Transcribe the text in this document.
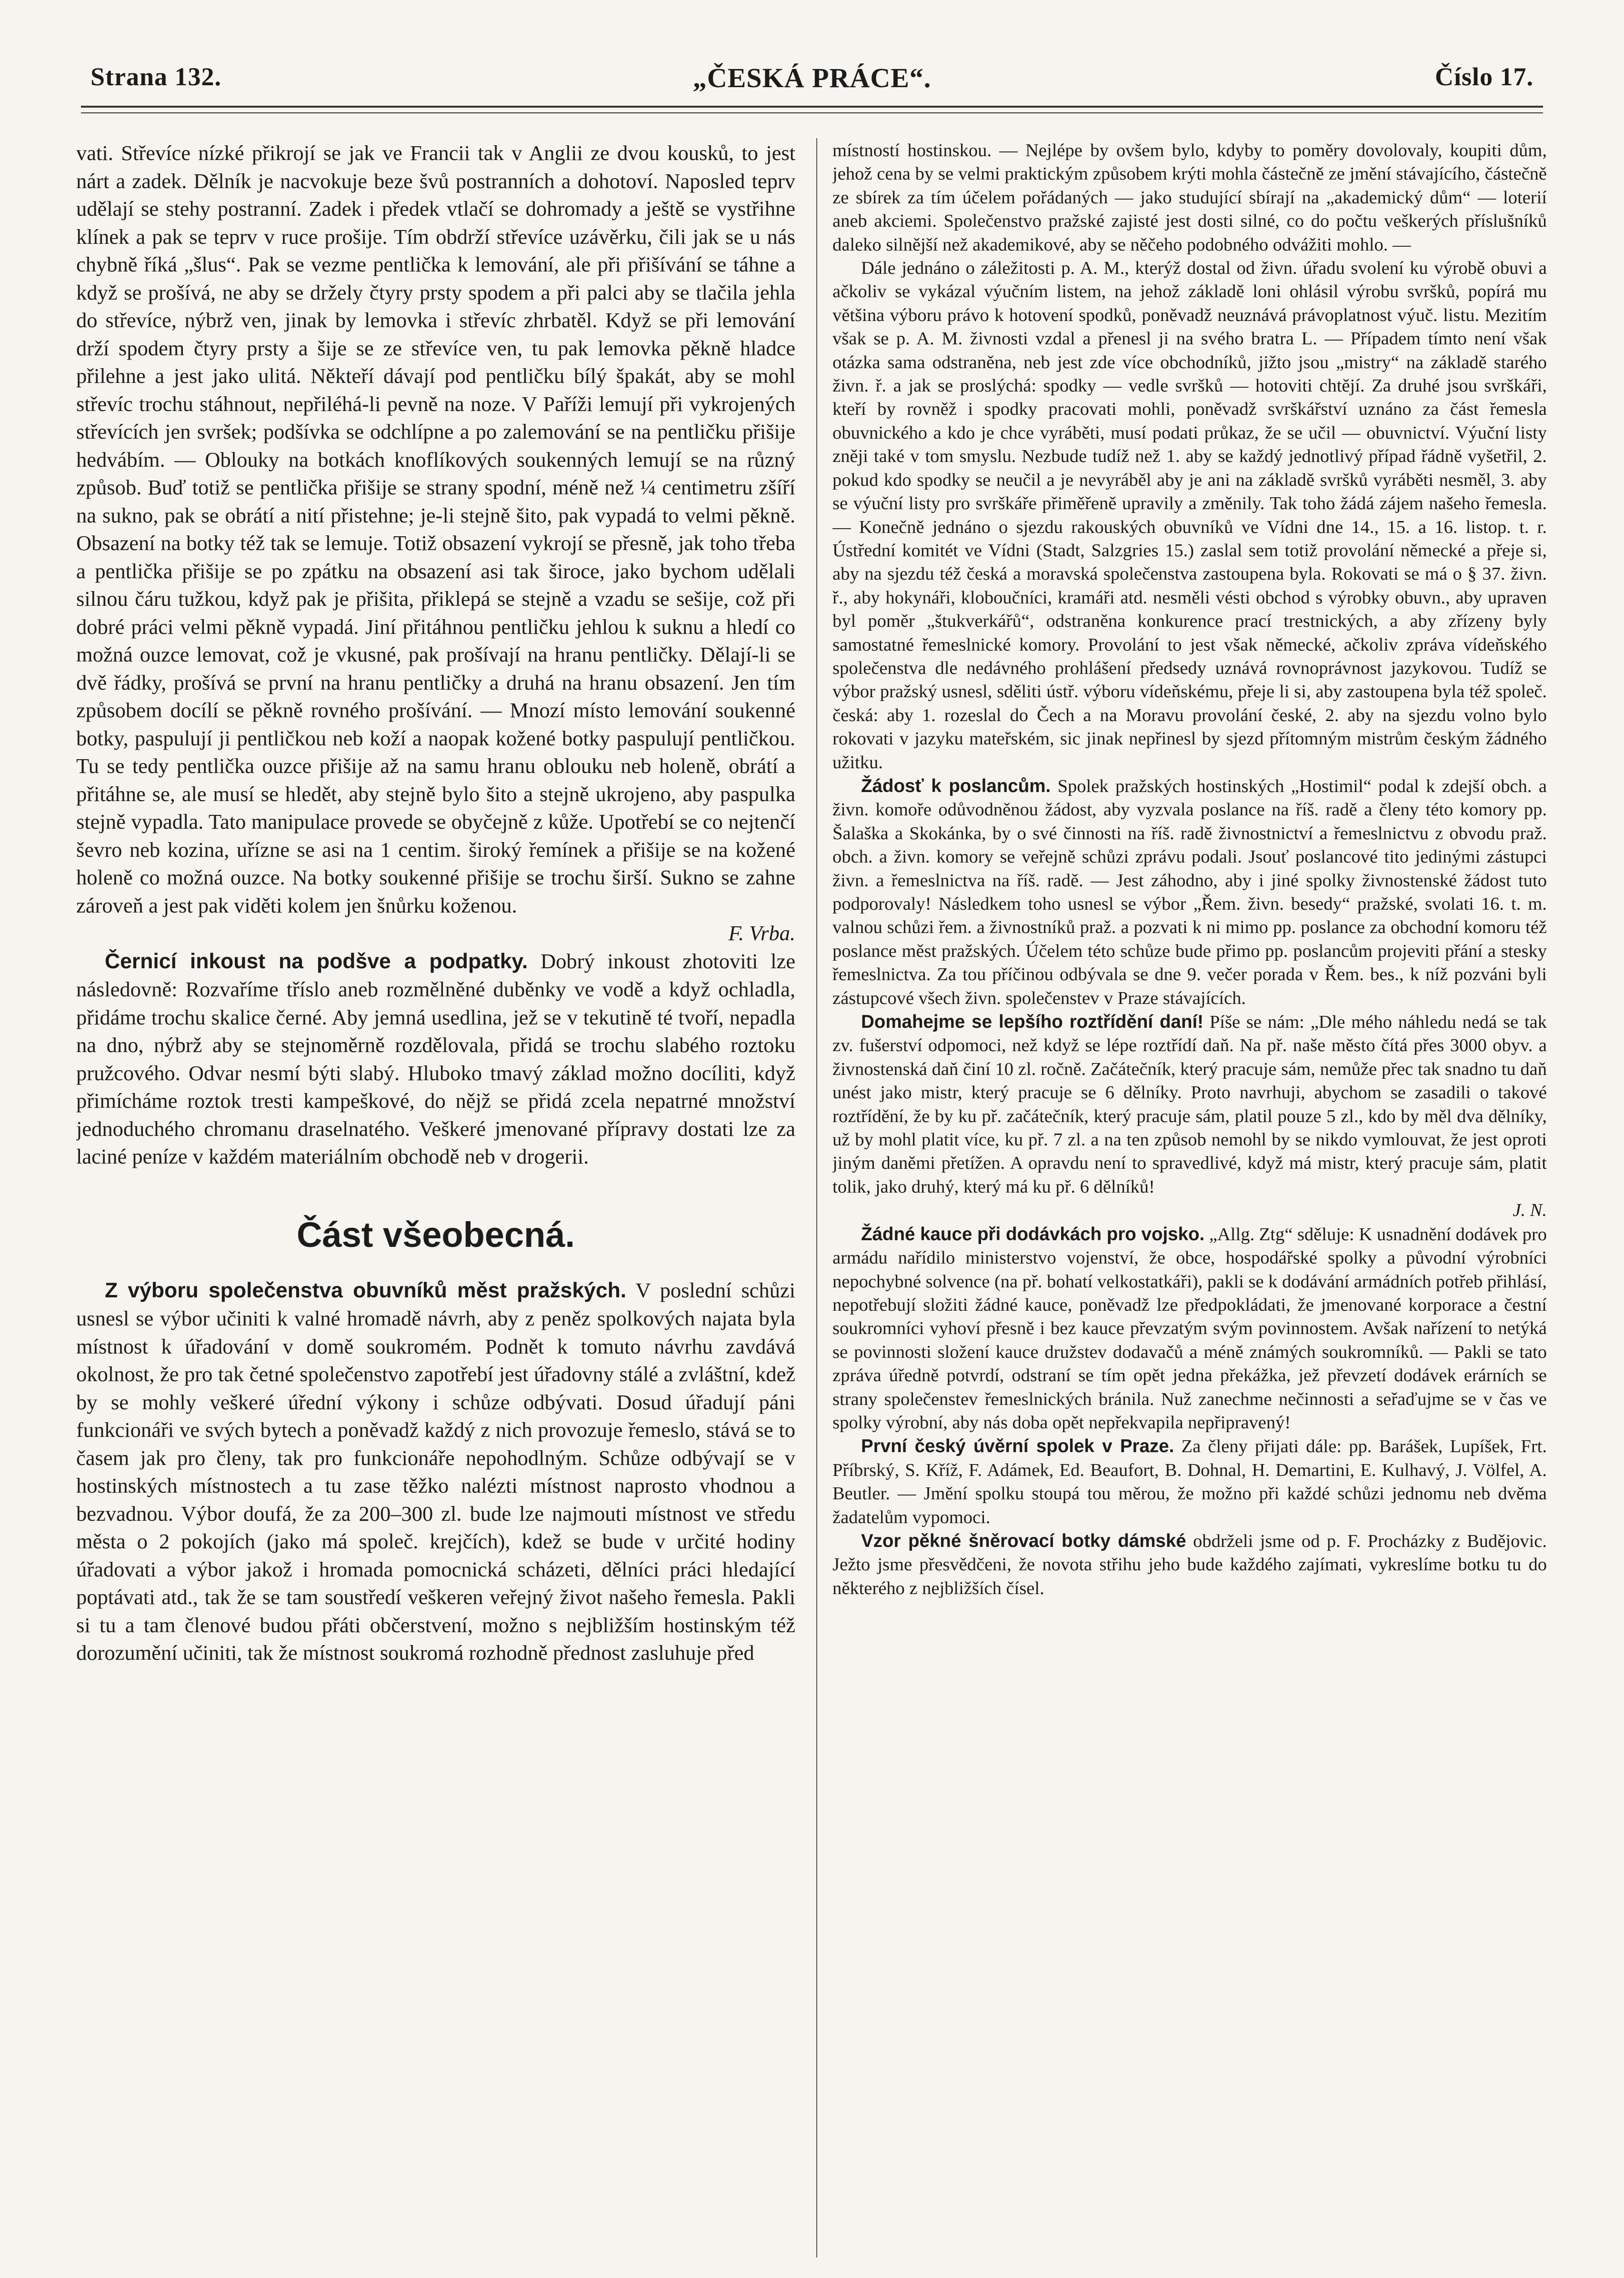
Strana 132.	„ČESKÁ PRÁCE“.	Číslo 17.

vati. Střevíce nízké přikrojí se jak ve Francii tak v Anglii ze dvou kousků, to jest nárt a zadek. Dělník je nacvokuje beze švů postranních a dohotoví. Naposled teprv udělají se stehy postranní. Zadek i předek vtlačí se dohromady a ještě se vystřihne klínek a pak se teprv v ruce prošije. Tím obdrží střevíce uzávěrku, čili jak se u nás chybně říká „šlus“. Pak se vezme pentlička k lemování, ale při přišívání se táhne a když se prošívá, ne aby se držely čtyry prsty spodem a při palci aby se tlačila jehla do střevíce, nýbrž ven, jinak by lemovka i střevíc zhrbatěl. Když se při lemování drží spodem čtyry prsty a šije se ze střevíce ven, tu pak lemovka pěkně hladce přilehne a jest jako ulitá. Někteří dávají pod pentličku bílý špakát, aby se mohl střevíc trochu stáhnout, nepřiléhá-li pevně na noze. V Paříži lemují při vykrojených střevících jen svršek; podšívka se odchlípne a po zalemování se na pentličku přišije hedvábím. — Oblouky na botkách knoflíkových soukenných lemují se na různý způsob. Buď totiž se pentlička přišije se strany spodní, méně než ¼ centimetru zšíří na sukno, pak se obrátí a nití přistehne; je-li stejně šito, pak vypadá to velmi pěkně. Obsazení na botky též tak se lemuje. Totiž obsazení vykrojí se přesně, jak toho třeba a pentlička přišije se po zpátku na obsazení asi tak široce, jako bychom udělali silnou čáru tužkou, když pak je přišita, přiklepá se stejně a vzadu se sešije, což při dobré práci velmi pěkně vypadá. Jiní přitáhnou pentličku jehlou k suknu a hledí co možná ouzce lemovat, což je vkusné, pak prošívají na hranu pentličky. Dělají-li se dvě řádky, prošívá se první na hranu pentličky a druhá na hranu obsazení. Jen tím způsobem docílí se pěkně rovného prošívání. — Mnozí místo lemování soukenné botky, paspulují ji pentličkou neb koží a naopak kožené botky paspulují pentličkou. Tu se tedy pentlička ouzce přišije až na samu hranu oblouku neb holeně, obrátí a přitáhne se, ale musí se hledět, aby stejně bylo šito a stejně ukrojeno, aby paspulka stejně vypadla. Tato manipulace provede se obyčejně z kůže. Upotřebí se co nejtenčí ševro neb kozina, uřízne se asi na 1 centim. široký řemínek a přišije se na kožené holeně co možná ouzce. Na botky soukenné přišije se trochu širší. Sukno se zahne zároveň a jest pak viděti kolem jen šnůrku koženou.

F. Vrba.

Černicí inkoust na podšve a podpatky. Dobrý inkoust zhotoviti lze následovně: Rozvaříme tříslo aneb rozmělněné duběnky ve vodě a když ochladla, přidáme trochu skalice černé. Aby jemná usedlina, jež se v tekutině té tvoří, nepadla na dno, nýbrž aby se stejnoměrně rozdělovala, přidá se trochu slabého roztoku pružcového. Odvar nesmí býti slabý. Hluboko tmavý základ možno docíliti, když přimícháme roztok tresti kampeškové, do nějž se přidá zcela nepatrné množství jednoduchého chromanu draselnatého. Veškeré jmenované přípravy dostati lze za laciné peníze v každém materiálním obchodě neb v drogerii.

Část všeobecná.

Z výboru společenstva obuvníků měst pražských. V poslední schůzi usnesl se výbor učiniti k valné hromadě návrh, aby z peněz spolkových najata byla místnost k úřadování v domě soukromém. Podnět k tomuto návrhu zavdává okolnost, že pro tak četné společenstvo zapotřebí jest úřadovny stálé a zvláštní, kdež by se mohly veškeré úřední výkony i schůze odbývati. Dosud úřadují páni funkcionáři ve svých bytech a poněvadž každý z nich provozuje řemeslo, stává se to časem jak pro členy, tak pro funkcionáře nepohodlným. Schůze odbývají se v hostinských místnostech a tu zase těžko nalézti místnost naprosto vhodnou a bezvadnou. Výbor doufá, že za 200–300 zl. bude lze najmouti místnost ve středu města o 2 pokojích (jako má společ. krejčích), kdež se bude v určité hodiny úřadovati a výbor jakož i hromada pomocnická scházeti, dělníci práci hledající poptávati atd., tak že se tam soustředí veškeren veřejný život našeho řemesla. Pakli si tu a tam členové budou přáti občerstvení, možno s nejbližším hostinským též dorozumění učiniti, tak že místnost soukromá rozhodně přednost zasluhuje před

místností hostinskou. — Nejlépe by ovšem bylo, kdyby to poměry dovolovaly, koupiti dům, jehož cena by se velmi praktickým způsobem krýti mohla částečně ze jmění stávajícího, částečně ze sbírek za tím účelem pořádaných — jako studující sbírají na „akademický dům“ — loterií aneb akciemi. Společenstvo pražské zajisté jest dosti silné, co do počtu veškerých příslušníků daleko silnější než akademikové, aby se něčeho podobného odvážiti mohlo. —

Dále jednáno o záležitosti p. A. M., kterýž dostal od živn. úřadu svolení ku výrobě obuvi a ačkoliv se vykázal výučním listem, na jehož základě loni ohlásil výrobu svršků, popírá mu většina výboru právo k hotovení spodků, poněvadž neuznává právoplatnost výuč. listu. Mezitím však se p. A. M. živnosti vzdal a přenesl ji na svého bratra L. — Případem tímto není však otázka sama odstraněna, neb jest zde více obchodníků, jižto jsou „mistry“ na základě starého živn. ř. a jak se proslýchá: spodky — vedle svršků — hotoviti chtějí. Za druhé jsou svrškáři, kteří by rovněž i spodky pracovati mohli, poněvadž svrškářství uznáno za část řemesla obuvnického a kdo je chce vyráběti, musí podati průkaz, že se učil — obuvnictví. Výuční listy zněji také v tom smyslu. Nezbude tudíž než 1. aby se každý jednotlivý případ řádně vyšetřil, 2. pokud kdo spodky se neučil a je nevyráběl aby je ani na základě svršků vyráběti nesměl, 3. aby se výuční listy pro svrškáře přiměřeně upravily a změnily. Tak toho žádá zájem našeho řemesla. — Konečně jednáno o sjezdu rakouských obuvníků ve Vídni dne 14., 15. a 16. listop. t. r. Ústřední komitét ve Vídni (Stadt, Salzgries 15.) zaslal sem totiž provolání německé a přeje si, aby na sjezdu též česká a moravská společenstva zastoupena byla. Rokovati se má o § 37. živn. ř., aby hokynáři, kloboučníci, kramáři atd. nesměli vésti obchod s výrobky obuvn., aby upraven byl poměr „štukverkářů“, odstraněna konkurence prací trestnických, a aby zřízeny byly samostatné řemeslnické komory. Provolání to jest však německé, ačkoliv zpráva vídeňského společenstva dle nedávného prohlášení předsedy uznává rovnoprávnost jazykovou. Tudíž se výbor pražský usnesl, sděliti ústř. výboru vídeňskému, přeje li si, aby zastoupena byla též společ. česká: aby 1. rozeslal do Čech a na Moravu provolání české, 2. aby na sjezdu volno bylo rokovati v jazyku mateřském, sic jinak nepřinesl by sjezd přítomným mistrům českým žádného užitku.

Žádosť k poslancům. Spolek pražských hostinských „Hostimil“ podal k zdejší obch. a živn. komoře odůvodněnou žádost, aby vyzvala poslance na říš. radě a členy této komory pp. Šalaška a Skokánka, by o své činnosti na říš. radě živnostnictví a řemeslnictvu z obvodu praž. obch. a živn. komory se veřejně schůzi zprávu podali. Jsouť poslancové tito jedinými zástupci živn. a řemeslnictva na říš. radě. — Jest záhodno, aby i jiné spolky živnostenské žádost tuto podporovaly! Následkem toho usnesl se výbor „Řem. živn. besedy“ pražské, svolati 16. t. m. valnou schůzi řem. a živnostníků praž. a pozvati k ni mimo pp. poslance za obchodní komoru též poslance měst pražských. Účelem této schůze bude přimo pp. poslancům projeviti přání a stesky řemeslnictva. Za tou příčinou odbývala se dne 9. večer porada v Řem. bes., k níž pozváni byli zástupcové všech živn. společenstev v Praze stávajících.

Domahejme se lepšího roztřídění daní! Píše se nám: „Dle mého náhledu nedá se tak zv. fušerství odpomoci, než když se lépe roztřídí daň. Na př. naše město čítá přes 3000 obyv. a živnostenská daň činí 10 zl. ročně. Začátečník, který pracuje sám, nemůže přec tak snadno tu daň unést jako mistr, který pracuje se 6 dělníky. Proto navrhuji, abychom se zasadili o takové roztřídění, že by ku př. začátečník, který pracuje sám, platil pouze 5 zl., kdo by měl dva dělníky, už by mohl platit více, ku př. 7 zl. a na ten způsob nemohl by se nikdo vymlouvat, že jest oproti jiným daněmi přetížen. A opravdu není to spravedlivé, když má mistr, který pracuje sám, platit tolik, jako druhý, který má ku př. 6 dělníků!

J. N.

Žádné kauce při dodávkách pro vojsko. „Allg. Ztg“ sděluje: K usnadnění dodávek pro armádu nařídilo ministerstvo vojenství, že obce, hospodářské spolky a původní výrobníci nepochybné solvence (na př. bohatí velkostatkáři), pakli se k dodávání armádních potřeb přihlásí, nepotřebují složiti žádné kauce, poněvadž lze předpokládati, že jmenované korporace a čestní soukromníci vyhoví přesně i bez kauce převzatým svým povinnostem. Avšak nařízení to netýká se povinnosti složení kauce družstev dodavačů a méně známých soukromníků. — Pakli se tato zpráva úředně potvrdí, odstraní se tím opět jedna překážka, jež převzetí dodávek erárních se strany společenstev řemeslnických bránila. Nuž zanechme nečinnosti a seřaďujme se v čas ve spolky výrobní, aby nás doba opět nepřekvapila nepřipravený!

První český úvěrní spolek v Praze. Za členy přijati dále: pp. Barášek, Lupíšek, Frt. Příbrský, S. Kříž, F. Adámek, Ed. Beaufort, B. Dohnal, H. Demartini, E. Kulhavý, J. Völfel, A. Beutler. — Jmění spolku stoupá tou měrou, že možno při každé schůzi jednomu neb dvěma žadatelům vypomoci.

Vzor pěkné šněrovací botky dámské obdrželi jsme od p. F. Procházky z Budějovic. Ježto jsme přesvědčeni, že novota střihu jeho bude každého zajímati, vykreslíme botku tu do některého z nejbližších čísel.
